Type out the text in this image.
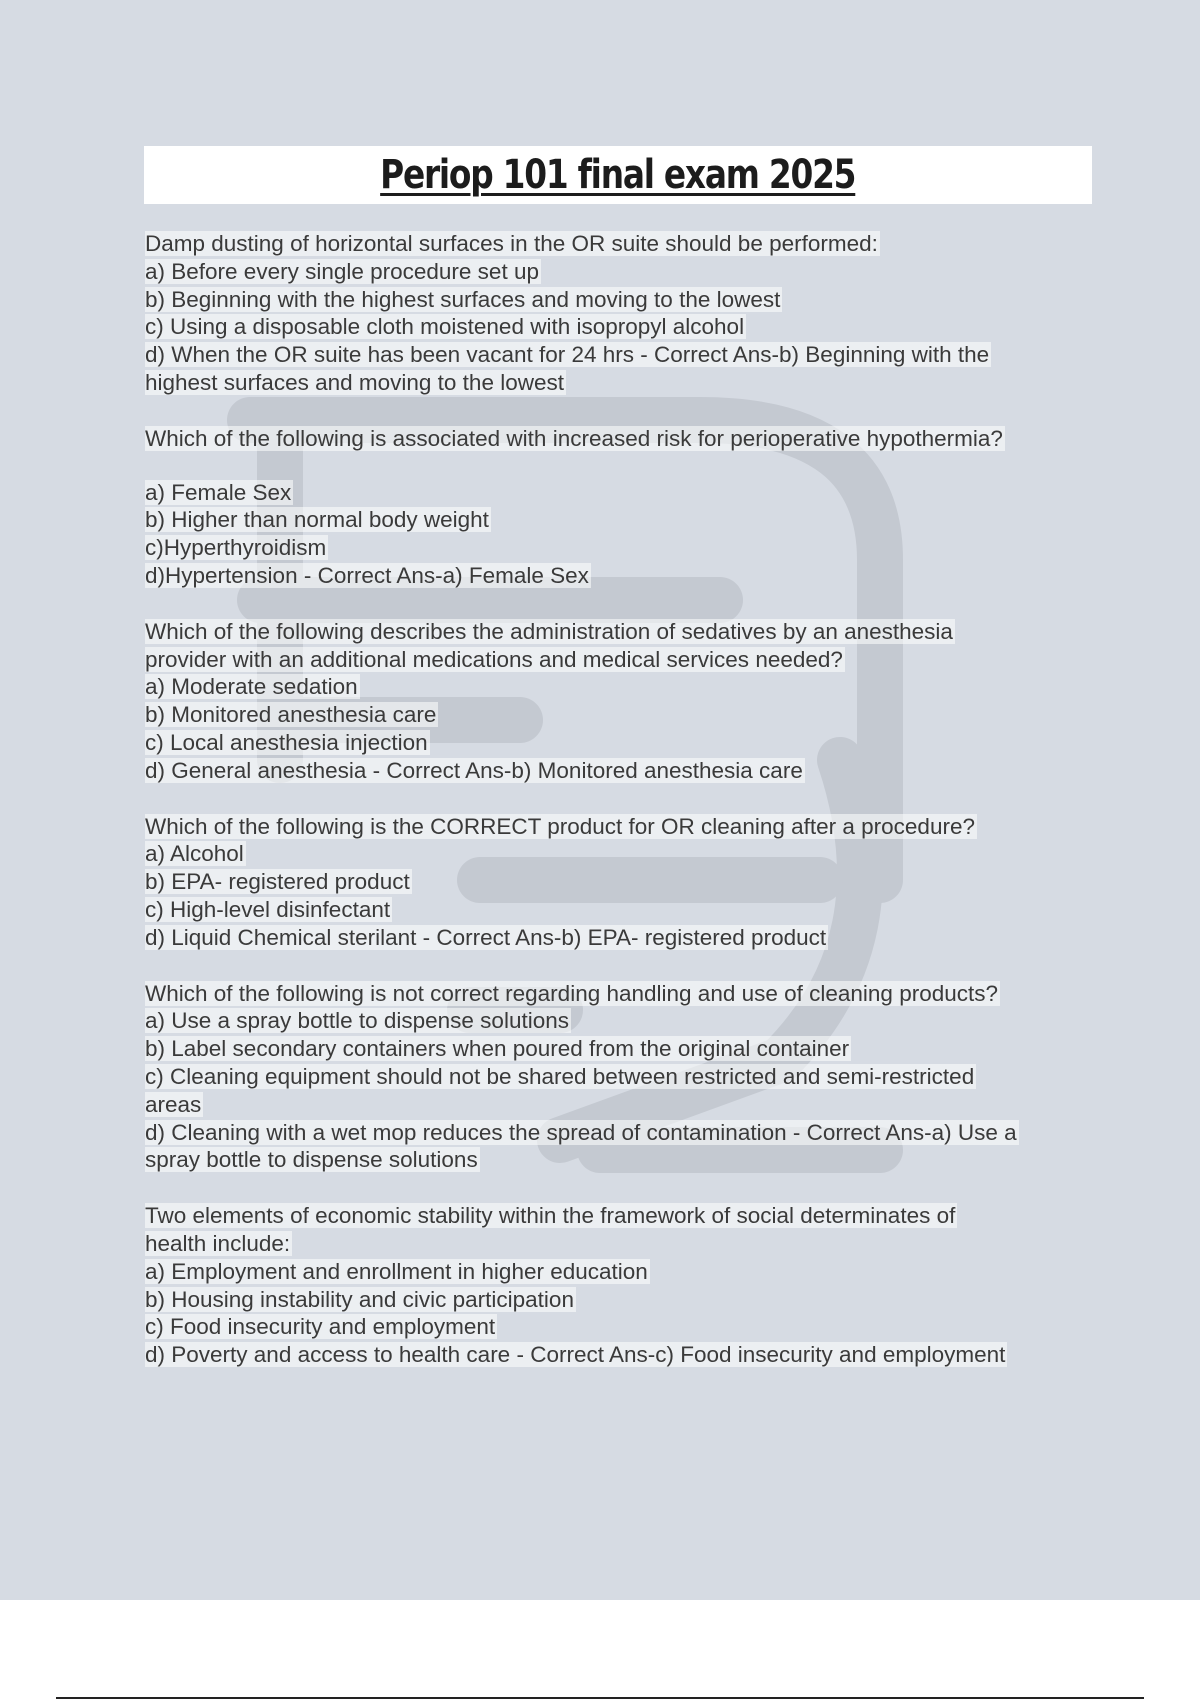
Periop 101 final exam 2025
Damp dusting of horizontal surfaces in the OR suite should be performed:
a) Before every single procedure set up
b) Beginning with the highest surfaces and moving to the lowest
c) Using a disposable cloth moistened with isopropyl alcohol
d) When the OR suite has been vacant for 24 hrs - Correct Ans-b) Beginning with the
highest surfaces and moving to the lowest
Which of the following is associated with increased risk for perioperative hypothermia?
a) Female Sex
b) Higher than normal body weight
c)Hyperthyroidism
d)Hypertension - Correct Ans-a) Female Sex
Which of the following describes the administration of sedatives by an anesthesia
provider with an additional medications and medical services needed?
a) Moderate sedation
b) Monitored anesthesia care
c) Local anesthesia injection
d) General anesthesia - Correct Ans-b) Monitored anesthesia care
Which of the following is the CORRECT product for OR cleaning after a procedure?
a) Alcohol
b) EPA- registered product
c) High-level disinfectant
d) Liquid Chemical sterilant - Correct Ans-b) EPA- registered product
Which of the following is not correct regarding handling and use of cleaning products?
a) Use a spray bottle to dispense solutions
b) Label secondary containers when poured from the original container
c) Cleaning equipment should not be shared between restricted and semi-restricted
areas
d) Cleaning with a wet mop reduces the spread of contamination - Correct Ans-a) Use a
spray bottle to dispense solutions
Two elements of economic stability within the framework of social determinates of
health include:
a) Employment and enrollment in higher education
b) Housing instability and civic participation
c) Food insecurity and employment
d) Poverty and access to health care - Correct Ans-c) Food insecurity and employment
